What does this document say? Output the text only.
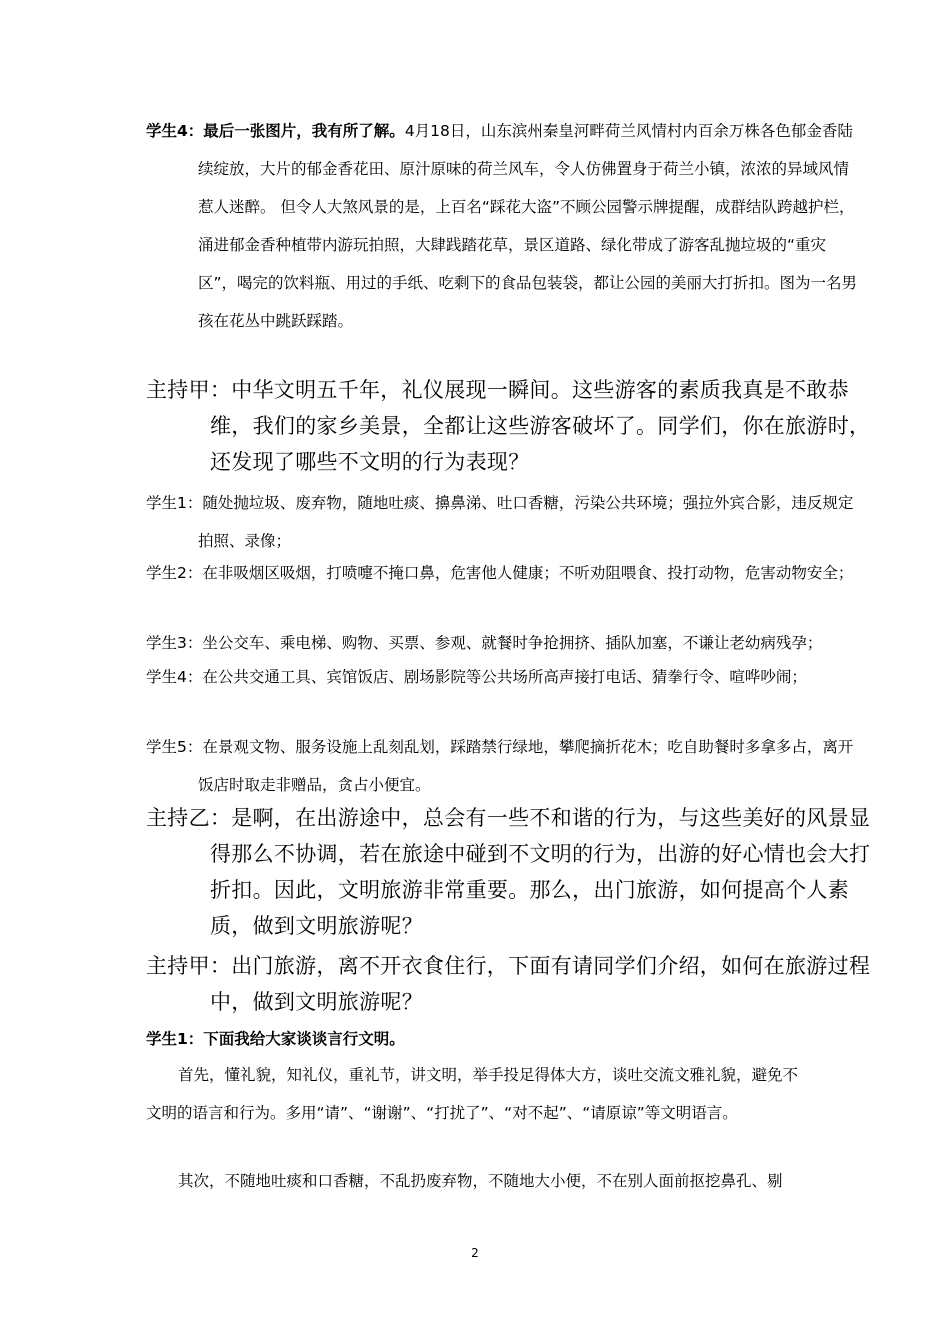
学生4：最后一张图片，我有所了解。4月18日，山东滨州秦皇河畔荷兰风情村内百余万株各色郁金香陆续绽放，大片的郁金香花田、原汁原味的荷兰风车，令人仿佛置身于荷兰小镇，浓浓的异域风情惹人迷醉。 但令人大煞风景的是，上百名“踩花大盗”不顾公园警示牌提醒，成群结队跨越护栏，涌进郁金香种植带内游玩拍照，大肆践踏花草，景区道路、绿化带成了游客乱抛垃圾的“重灾区”，喝完的饮料瓶、用过的手纸、吃剩下的食品包装袋，都让公园的美丽大打折扣。图为一名男孩在花丛中跳跃踩踏。

主持甲：中华文明五千年，礼仪展现一瞬间。这些游客的素质我真是不敢恭维，我们的家乡美景，全都让这些游客破坏了。同学们，你在旅游时，还发现了哪些不文明的行为表现？

学生1：随处抛垃圾、废弃物，随地吐痰、擤鼻涕、吐口香糖，污染公共环境；强拉外宾合影，违反规定拍照、录像；

学生2：在非吸烟区吸烟，打喷嚏不掩口鼻，危害他人健康；不听劝阻喂食、投打动物，危害动物安全；

学生3：坐公交车、乘电梯、购物、买票、参观、就餐时争抢拥挤、插队加塞，不谦让老幼病残孕；

学生4：在公共交通工具、宾馆饭店、剧场影院等公共场所高声接打电话、猜拳行令、喧哗吵闹；

学生5：在景观文物、服务设施上乱刻乱划，踩踏禁行绿地，攀爬摘折花木；吃自助餐时多拿多占，离开饭店时取走非赠品，贪占小便宜。

主持乙：是啊，在出游途中，总会有一些不和谐的行为，与这些美好的风景显得那么不协调，若在旅途中碰到不文明的行为，出游的好心情也会大打折扣。因此，文明旅游非常重要。那么，出门旅游，如何提高个人素质，做到文明旅游呢？

主持甲：出门旅游，离不开衣食住行，下面有请同学们介绍，如何在旅游过程中，做到文明旅游呢？

学生1：下面我给大家谈谈言行文明。

首先，懂礼貌，知礼仪，重礼节，讲文明，举手投足得体大方，谈吐交流文雅礼貌，避免不文明的语言和行为。多用“请”、“谢谢”、“打扰了”、“对不起”、“请原谅”等文明语言。

其次，不随地吐痰和口香糖，不乱扔废弃物，不随地大小便，不在别人面前抠挖鼻孔、剔

2
